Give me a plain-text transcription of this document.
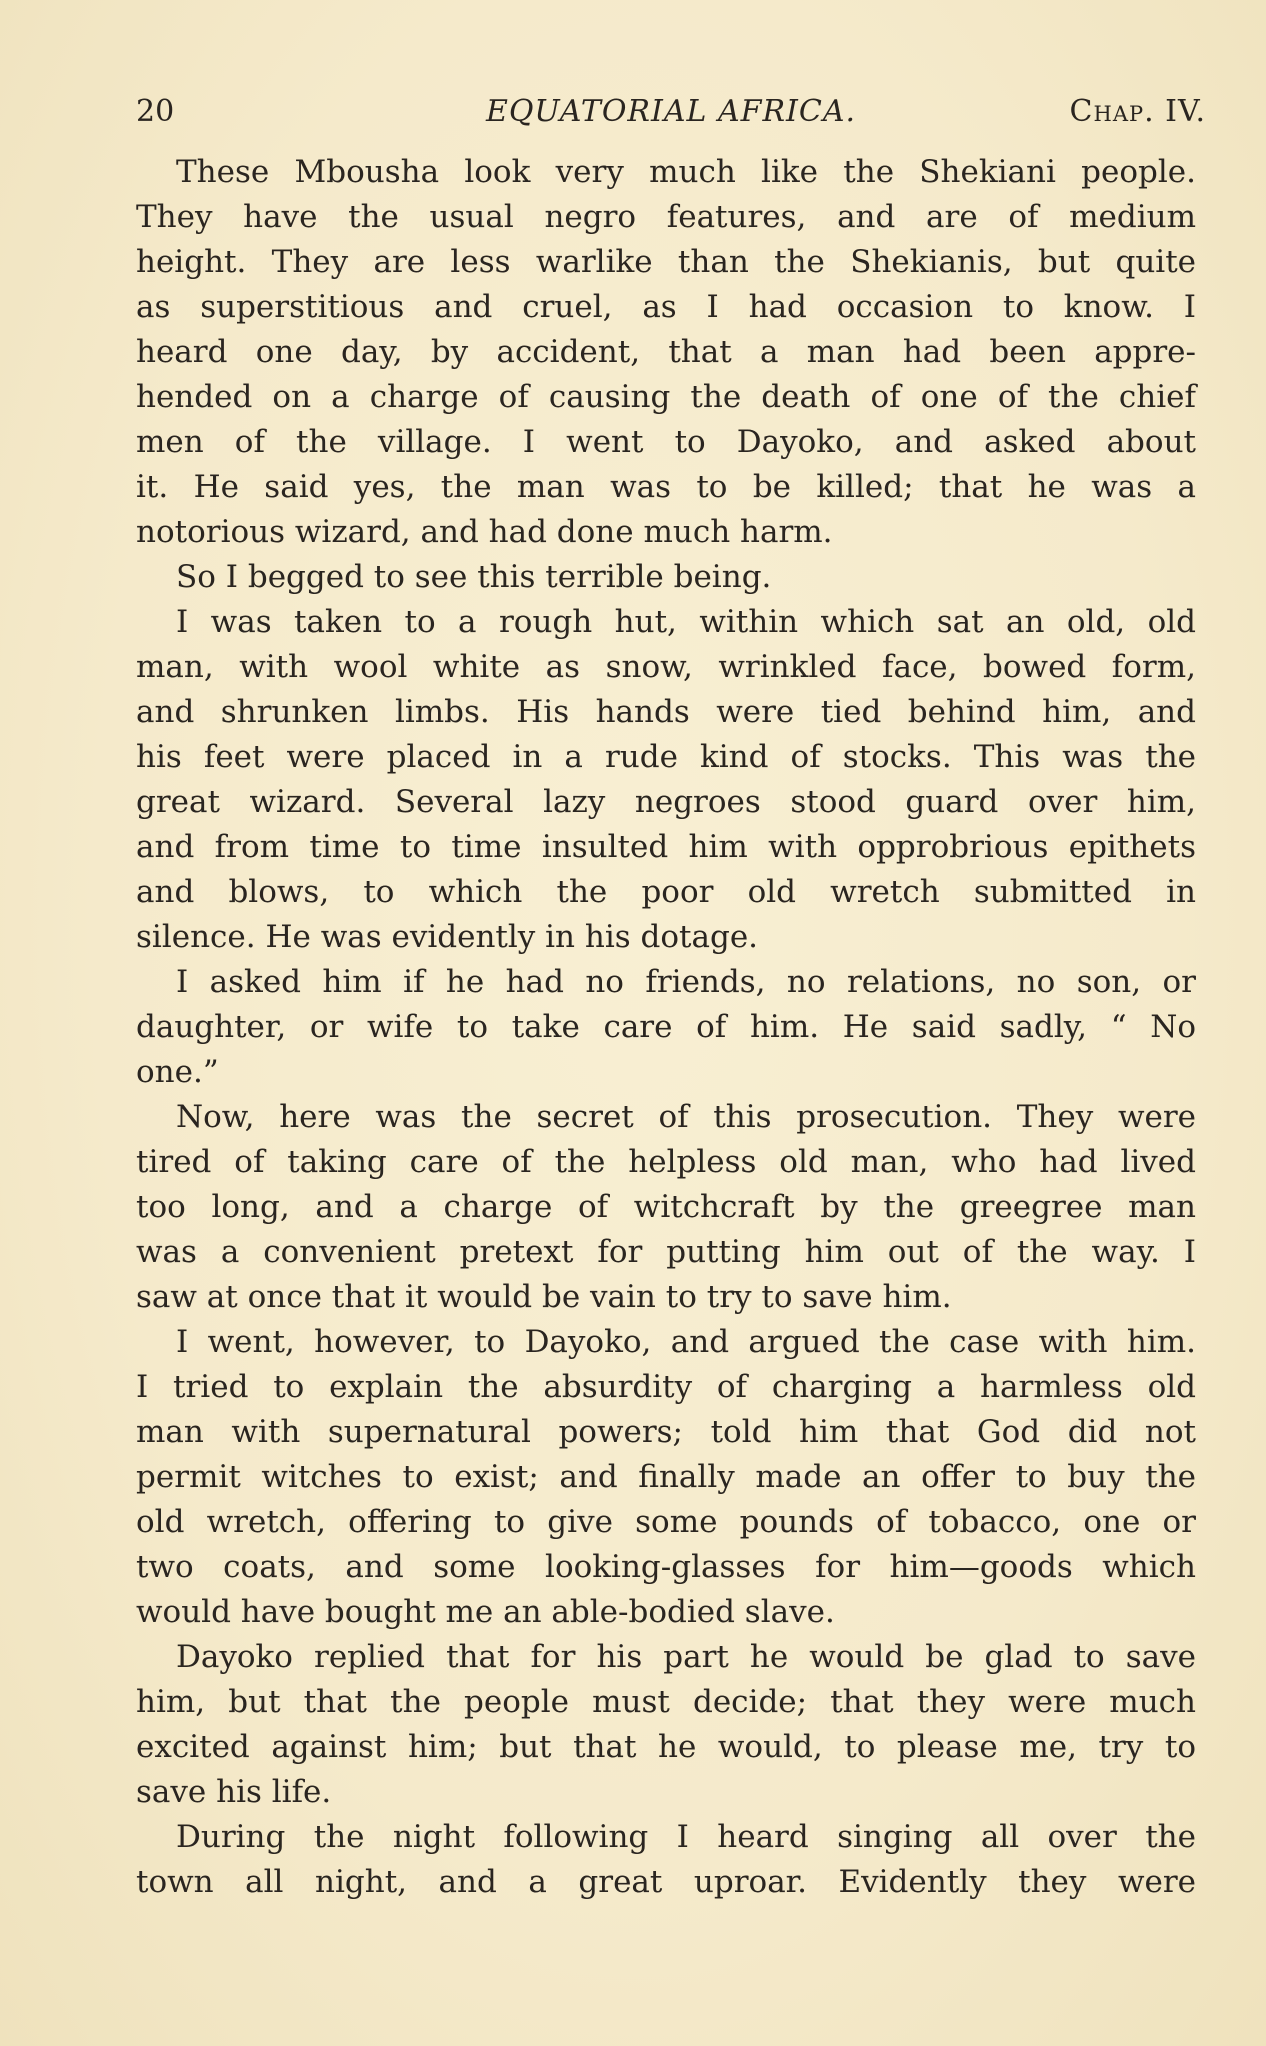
20	EQUATORIAL AFRICA.	Chap. IV.
These Mbousha look very much like the Shekiani people.
They have the usual negro features, and are of medium
height. They are less warlike than the Shekianis, but quite
as superstitious and cruel, as I had occasion to know. I
heard one day, by accident, that a man had been appre-
hended on a charge of causing the death of one of the chief
men of the village. I went to Dayoko, and asked about
it. He said yes, the man was to be killed; that he was a
notorious wizard, and had done much harm.
So I begged to see this terrible being.
I was taken to a rough hut, within which sat an old, old
man, with wool white as snow, wrinkled face, bowed form,
and shrunken limbs. His hands were tied behind him, and
his feet were placed in a rude kind of stocks. This was the
great wizard. Several lazy negroes stood guard over him,
and from time to time insulted him with opprobrious epithets
and blows, to which the poor old wretch submitted in
silence. He was evidently in his dotage.
I asked him if he had no friends, no relations, no son, or
daughter, or wife to take care of him. He said sadly, “ No
one.”
Now, here was the secret of this prosecution. They were
tired of taking care of the helpless old man, who had lived
too long, and a charge of witchcraft by the greegree man
was a convenient pretext for putting him out of the way. I
saw at once that it would be vain to try to save him.
I went, however, to Dayoko, and argued the case with him.
I tried to explain the absurdity of charging a harmless old
man with supernatural powers; told him that God did not
permit witches to exist; and finally made an offer to buy the
old wretch, offering to give some pounds of tobacco, one or
two coats, and some looking-glasses for him—goods which
would have bought me an able-bodied slave.
Dayoko replied that for his part he would be glad to save
him, but that the people must decide; that they were much
excited against him; but that he would, to please me, try to
save his life.
During the night following I heard singing all over the
town all night, and a great uproar. Evidently they were
